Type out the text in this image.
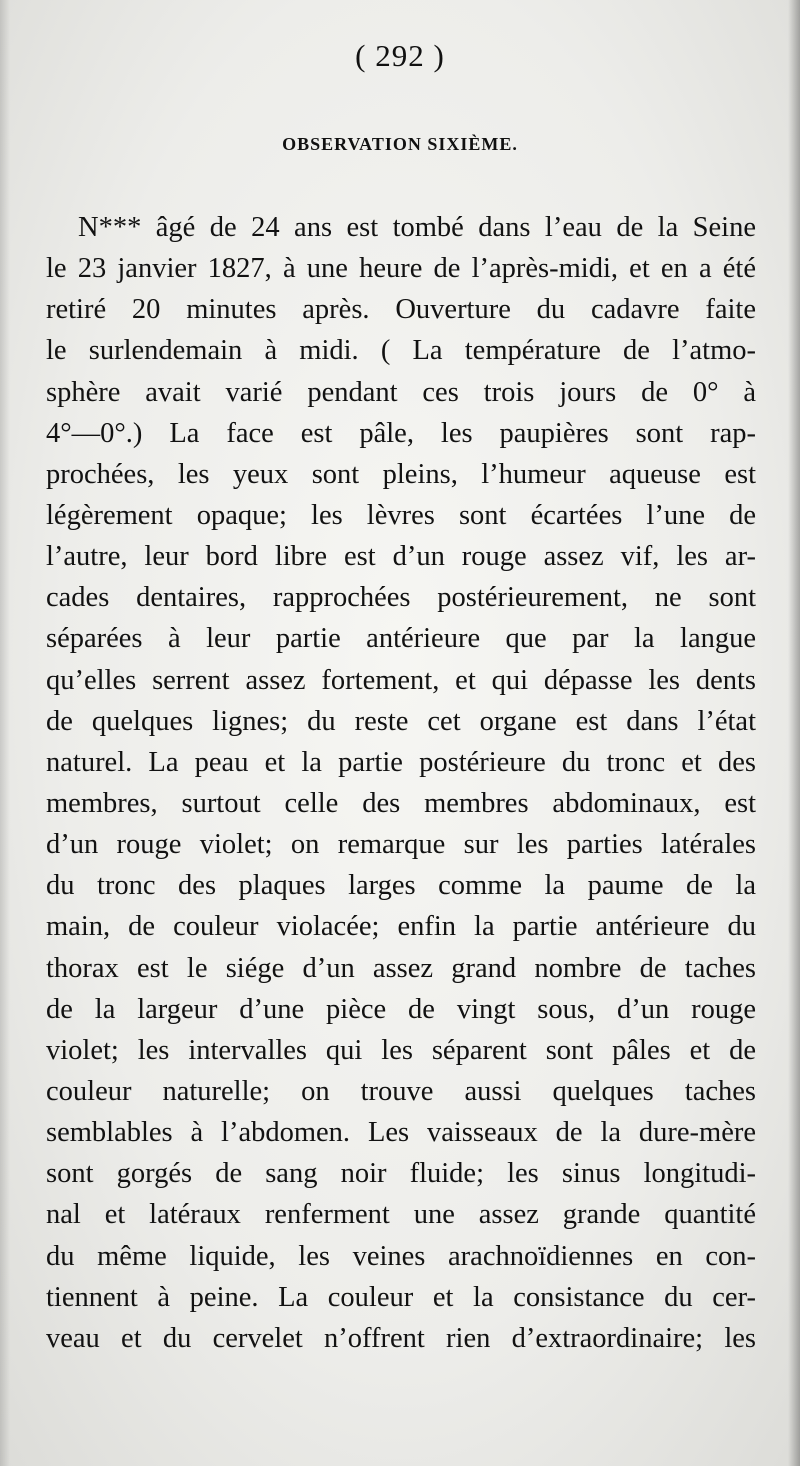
( 292 )
OBSERVATION SIXIÈME.
N*** âgé de 24 ans est tombé dans l’eau de la Seine
le 23 janvier 1827, à une heure de l’après-midi, et en a été
retiré 20 minutes après. Ouverture du cadavre faite
le surlendemain à midi. ( La température de l’atmo-
sphère avait varié pendant ces trois jours de 0° à
4°—0°.) La face est pâle, les paupières sont rap-
prochées, les yeux sont pleins, l’humeur aqueuse est
légèrement opaque; les lèvres sont écartées l’une de
l’autre, leur bord libre est d’un rouge assez vif, les ar-
cades dentaires, rapprochées postérieurement, ne sont
séparées à leur partie antérieure que par la langue
qu’elles serrent assez fortement, et qui dépasse les dents
de quelques lignes; du reste cet organe est dans l’état
naturel. La peau et la partie postérieure du tronc et des
membres, surtout celle des membres abdominaux, est
d’un rouge violet; on remarque sur les parties latérales
du tronc des plaques larges comme la paume de la
main, de couleur violacée; enfin la partie antérieure du
thorax est le siége d’un assez grand nombre de taches
de la largeur d’une pièce de vingt sous, d’un rouge
violet; les intervalles qui les séparent sont pâles et de
couleur naturelle; on trouve aussi quelques taches
semblables à l’abdomen. Les vaisseaux de la dure-mère
sont gorgés de sang noir fluide; les sinus longitudi-
nal et latéraux renferment une assez grande quantité
du même liquide, les veines arachnoïdiennes en con-
tiennent à peine. La couleur et la consistance du cer-
veau et du cervelet n’offrent rien d’extraordinaire; les
